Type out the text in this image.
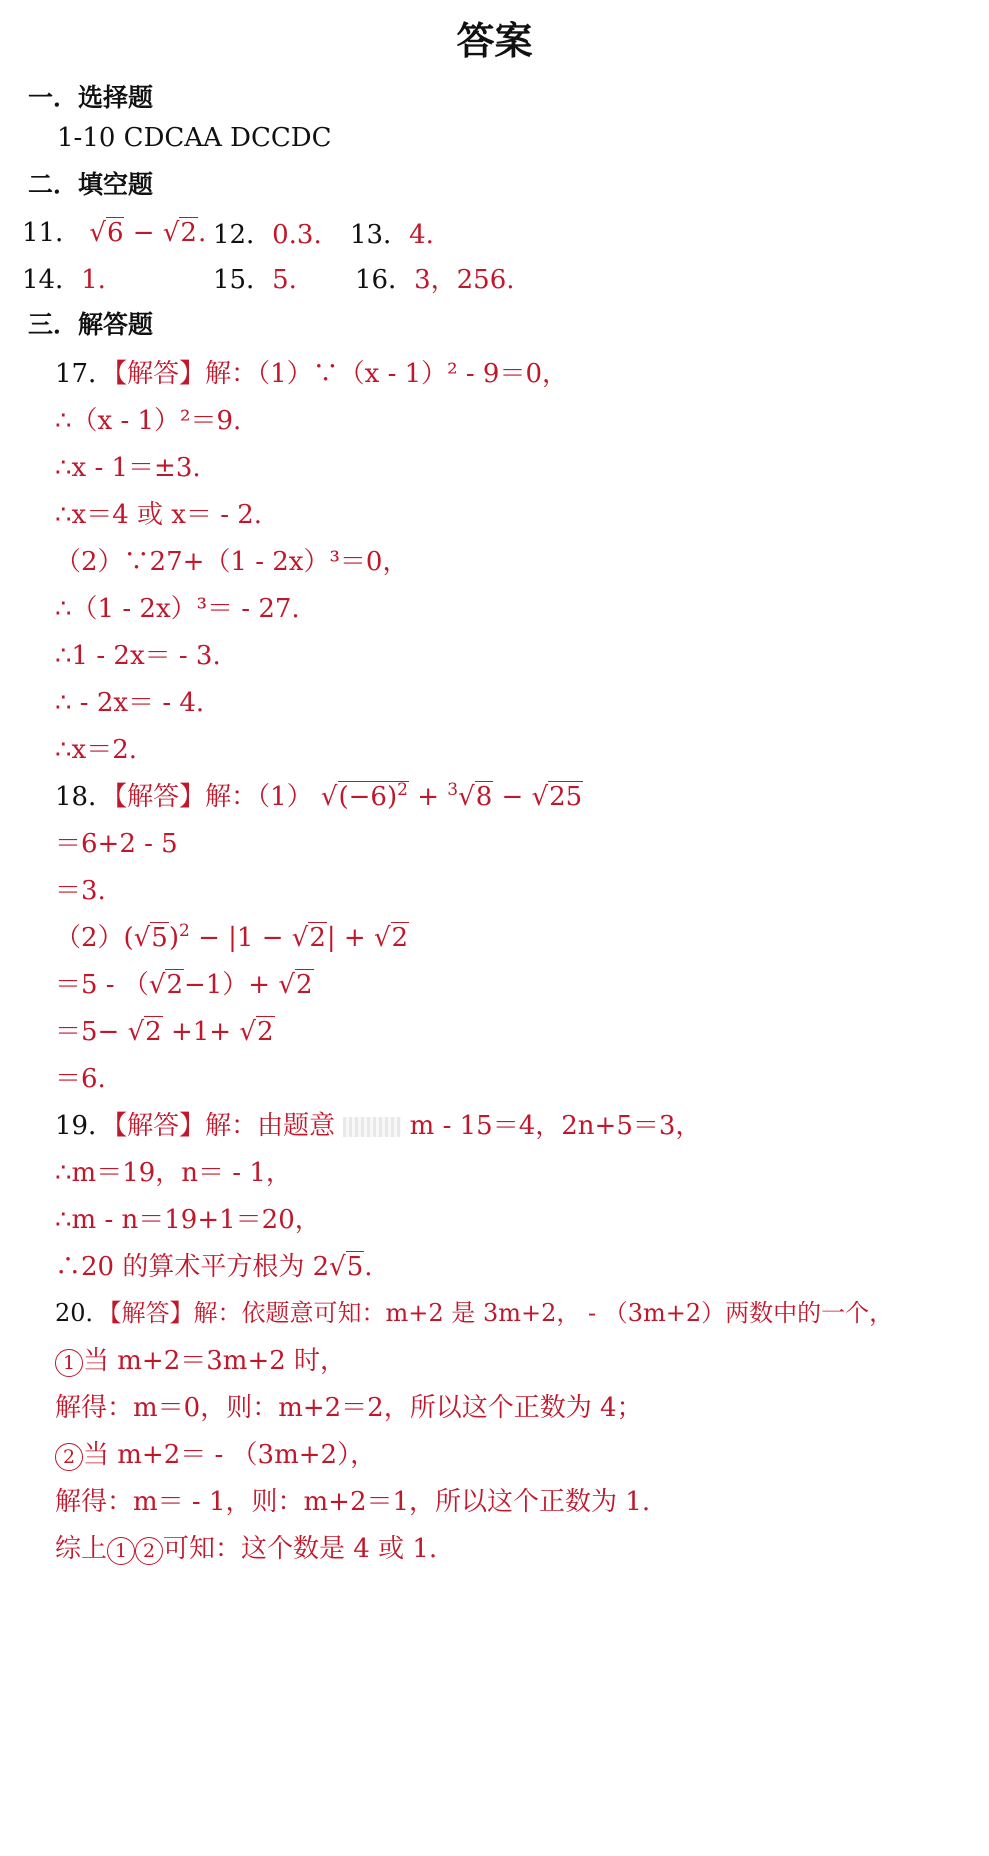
答案
一．选择题
1-10 CDCAA DCCDC
二．填空题
11． √6 − √2. 12．0.3. 13．4.
14．1.	15．5. 16．3，256.
三．解答题
17．【解答】解：（1）∵（x - 1）² - 9＝0，
∴（x - 1）²＝9.
∴x - 1＝±3.
∴x＝4 或 x＝ - 2.
（2）∵27+（1 - 2x）³＝0，
∴（1 - 2x）³＝ - 27.
∴1 - 2x＝ - 3.
∴ - 2x＝ - 4.
∴x＝2.
18．【解答】解：（1） $√(-6)^2 + ^3√8 - √25$
＝6+2 - 5
＝3.
$(2)(√5)^2 - |1 - √2| + √2$
＝5 - （√2−1）+ √2
＝5− √2 +1+ √2
＝6.
19．【解答】解：由题意	m - 15＝4，2n+5＝3，
∴m＝19，n＝ - 1，
∴m - n＝19+1＝20，
∴20 的算术平方根为 2√5.
20．【解答】解：依题意可知：m+2 是 3m+2， - （3m+2）两数中的一个，
1 当 m+2＝3m+2 时，
解得：m＝0，则：m+2＝2，所以这个正数为 4；
2 当 m+2＝ - （3m+2），
解得：m＝ - 1，则：m+2＝1，所以这个正数为 1.
综上 1 2 可知：这个数是 4 或 1.
